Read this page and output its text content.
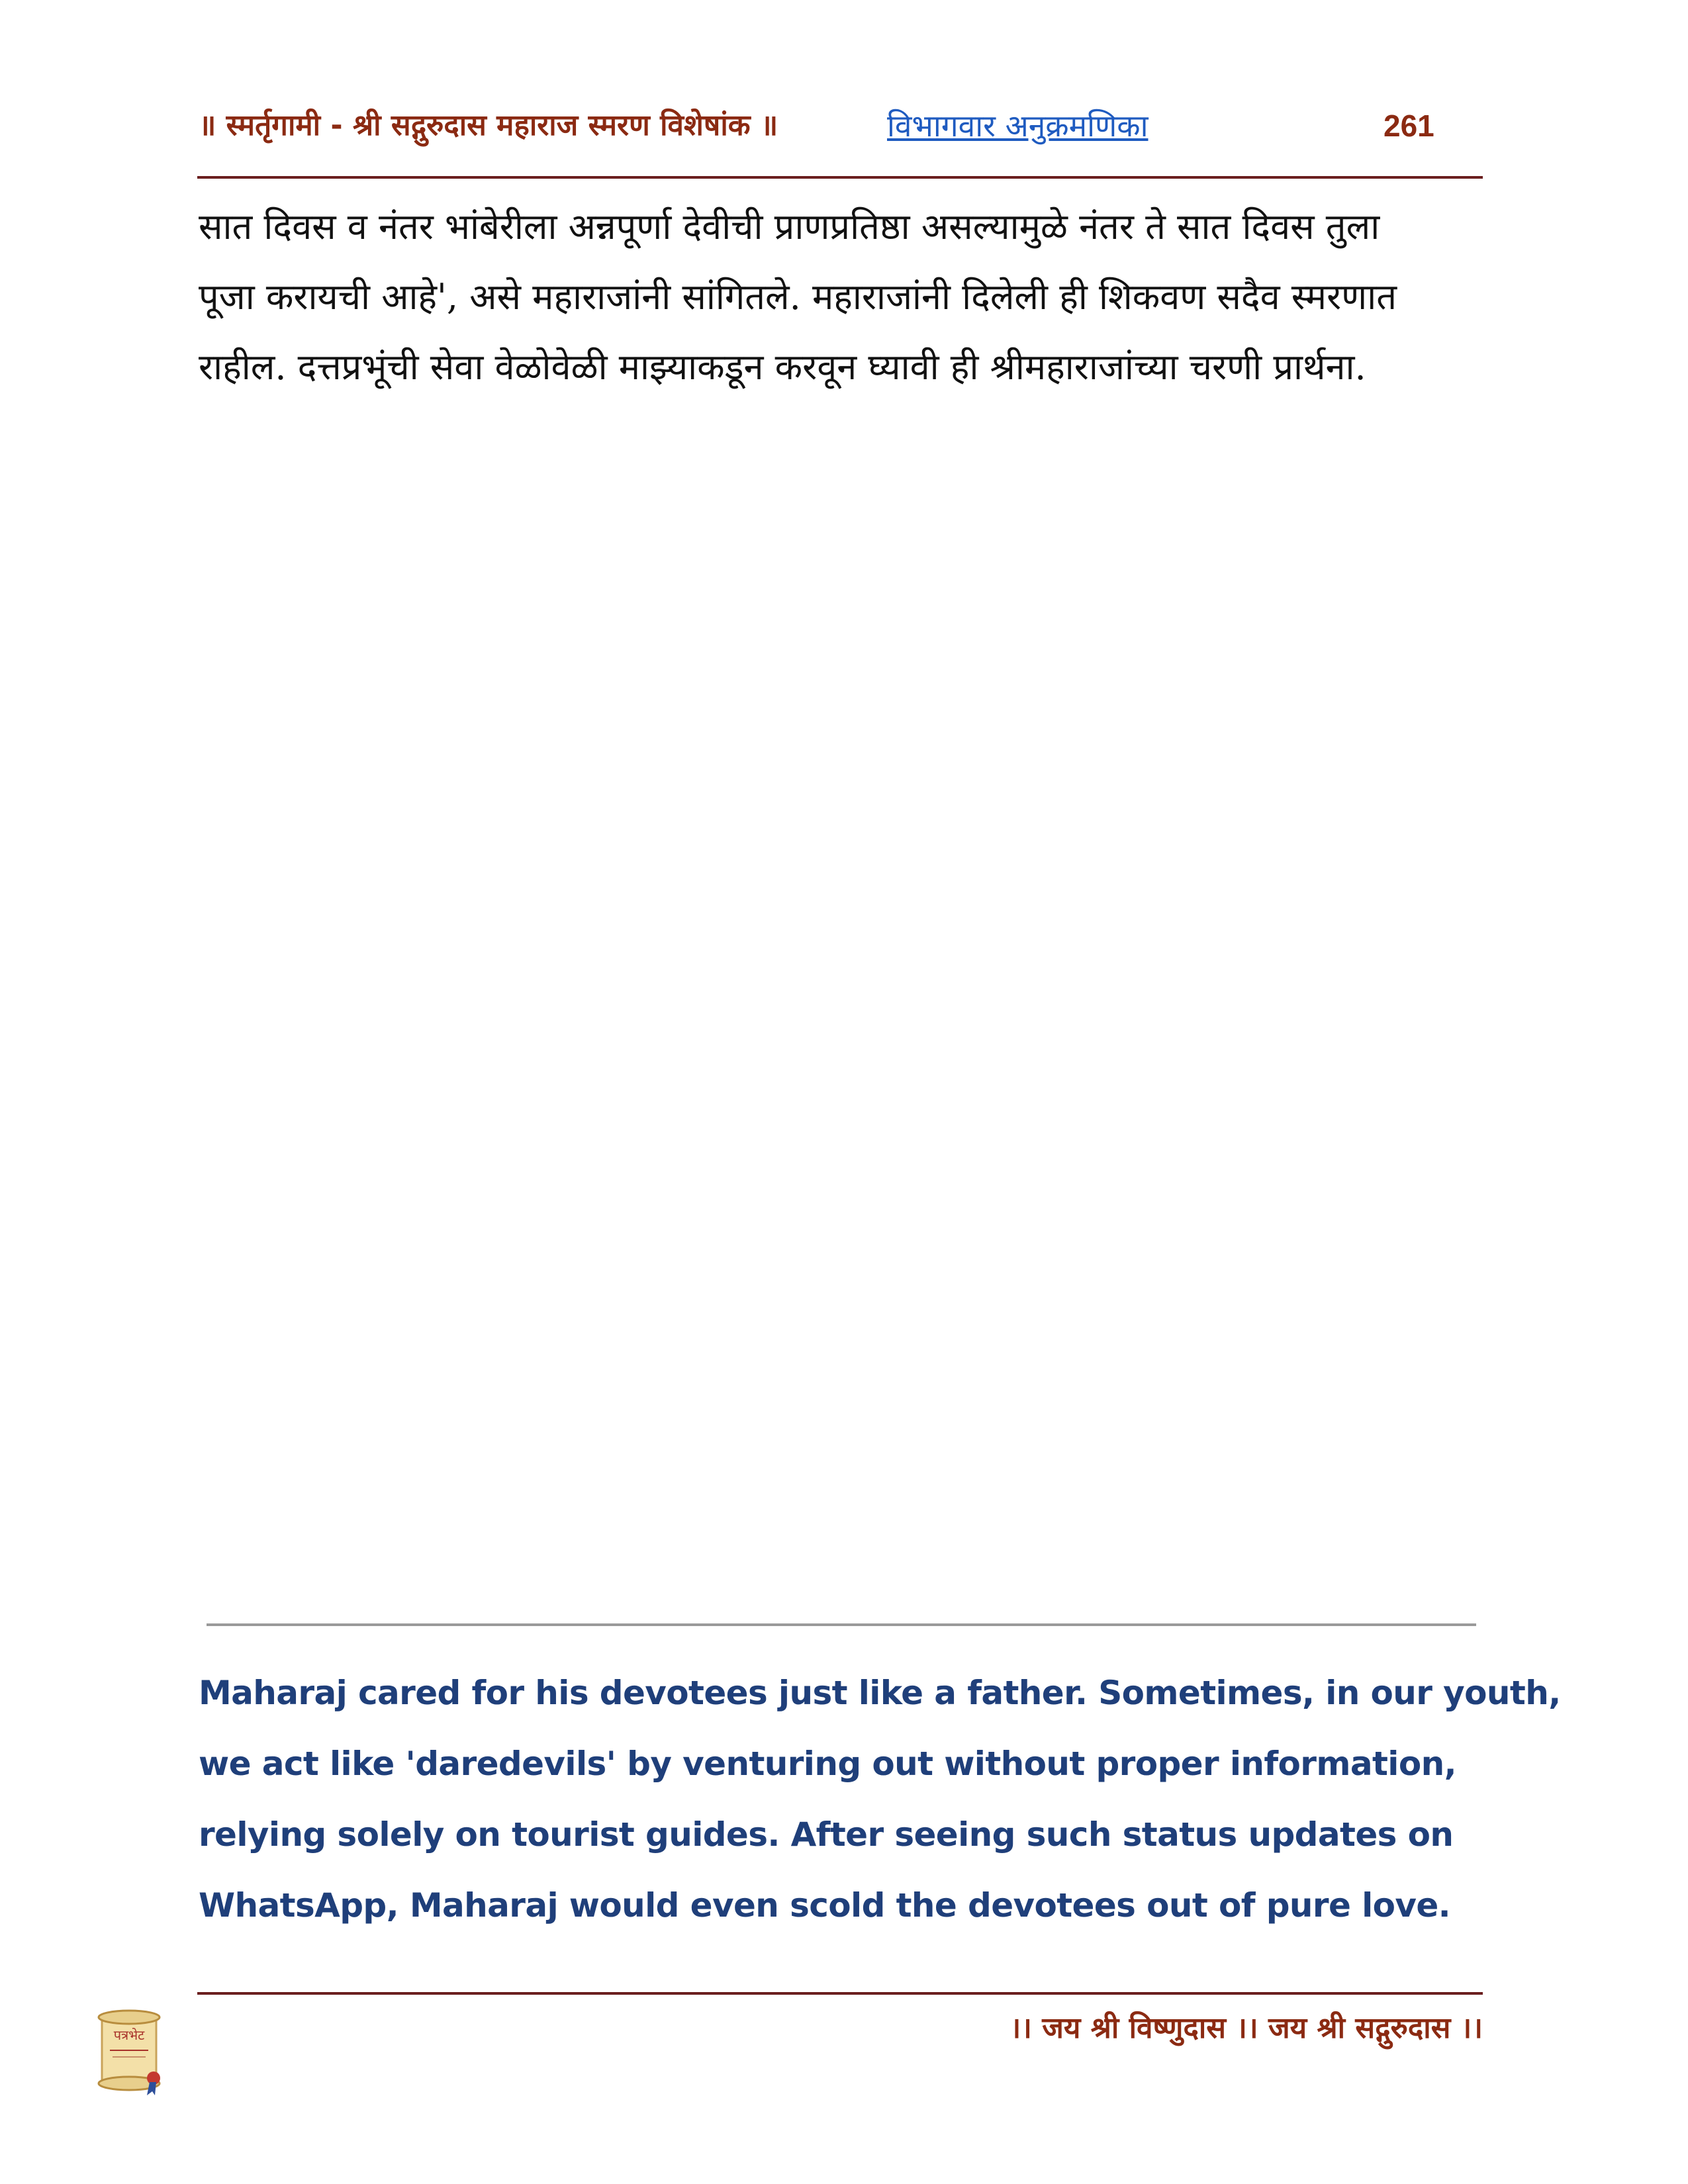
॥ स्मर्तृगामी - श्री सद्गुरुदास महाराज स्मरण विशेषांक ॥	विभागवार अनुक्रमणिका	261

सात दिवस व नंतर भांबेरीला अन्नपूर्णा देवीची प्राणप्रतिष्ठा असल्यामुळे नंतर ते सात दिवस तुला

पूजा करायची आहे', असे महाराजांनी सांगितले. महाराजांनी दिलेली ही शिकवण सदैव स्मरणात

राहील. दत्तप्रभूंची सेवा वेळोवेळी माझ्याकडून करवून घ्यावी ही श्रीमहाराजांच्या चरणी प्रार्थना.

Maharaj cared for his devotees just like a father. Sometimes, in our youth,

we act like 'daredevils' by venturing out without proper information,

relying solely on tourist guides. After seeing such status updates on

WhatsApp, Maharaj would even scold the devotees out of pure love.

पत्रभेट	।। जय श्री विष्णुदास ।। जय श्री सद्गुरुदास ।।
